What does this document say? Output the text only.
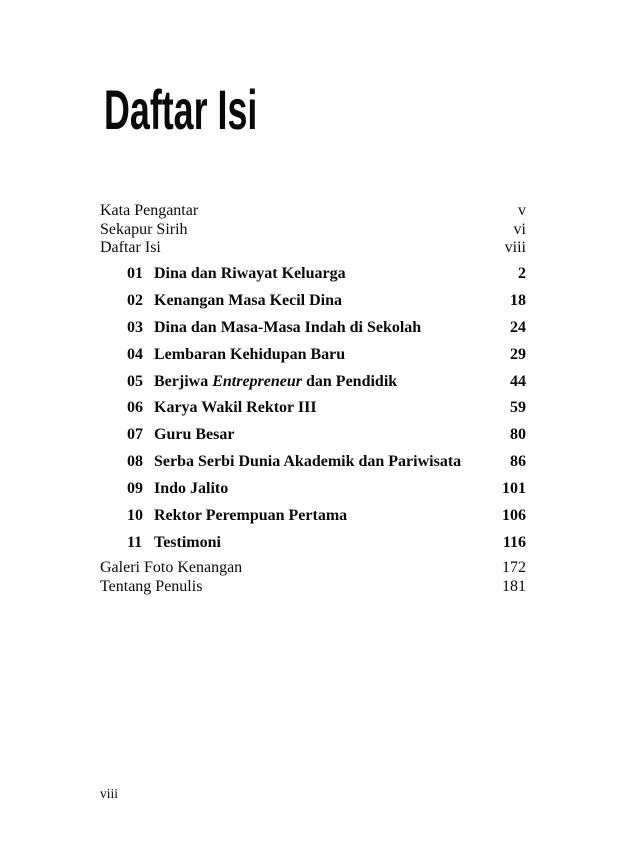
Daftar Isi
Kata Pengantar	v
Sekapur Sirih	vi
Daftar Isi	viii
01 Dina dan Riwayat Keluarga	2
02 Kenangan Masa Kecil Dina	18
03 Dina dan Masa-Masa Indah di Sekolah	24
04 Lembaran Kehidupan Baru	29
05 Berjiwa Entrepreneur dan Pendidik	44
06 Karya Wakil Rektor III	59
07 Guru Besar	80
08 Serba Serbi Dunia Akademik dan Pariwisata	86
09 Indo Jalito	101
10 Rektor Perempuan Pertama	106
11 Testimoni	116
Galeri Foto Kenangan	172
Tentang Penulis	181
viii
